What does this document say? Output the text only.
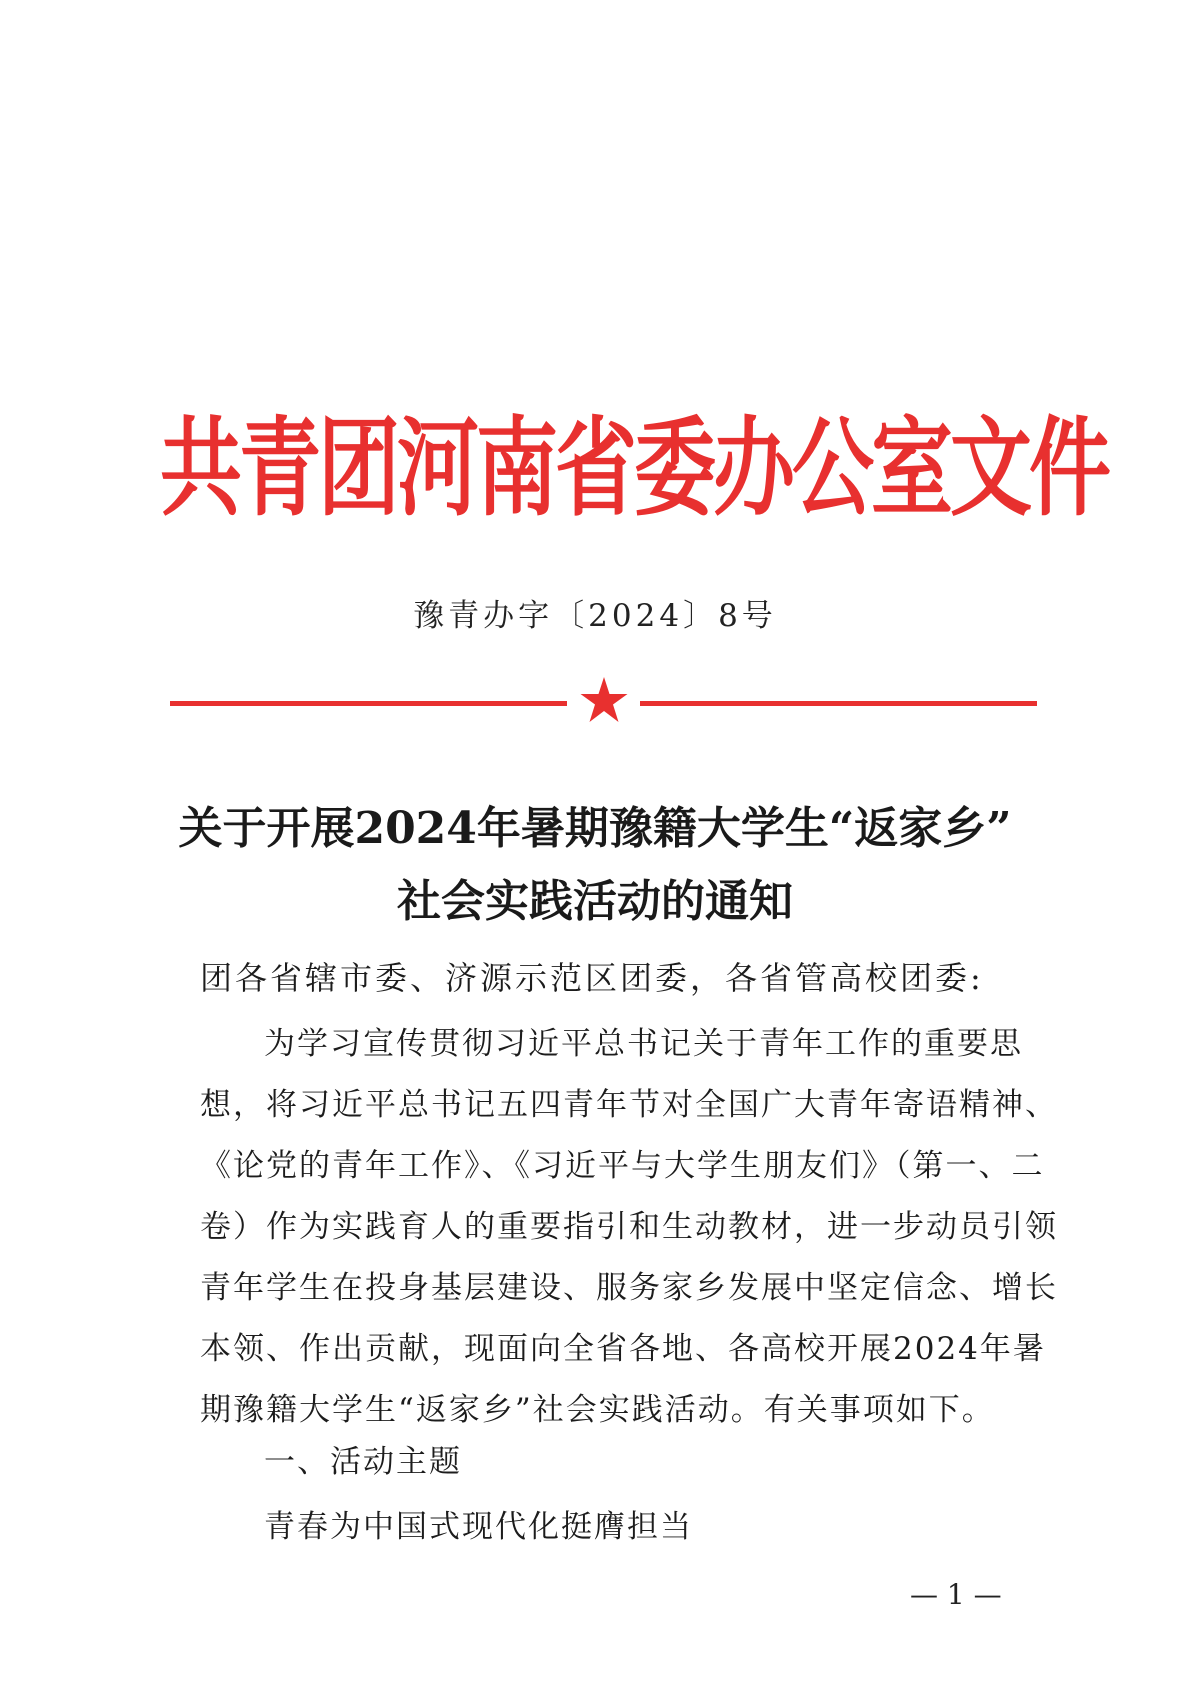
共青团河南省委办公室文件
豫青办字〔2024〕8号
关于开展2024年暑期豫籍大学生“返家乡”
社会实践活动的通知
团各省辖市委、济源示范区团委，各省管高校团委:
为学习宣传贯彻习近平总书记关于青年工作的重要思
想，将习近平总书记五四青年节对全国广大青年寄语精神、
《论党的青年工作》、《习近平与大学生朋友们》（第一、二
卷）作为实践育人的重要指引和生动教材，进一步动员引领
青年学生在投身基层建设、服务家乡发展中坚定信念、增长
本领、作出贡献，现面向全省各地、各高校开展2024年暑
期豫籍大学生“返家乡”社会实践活动。有关事项如下。
一、活动主题
青春为中国式现代化挺膺担当
— 1 —
